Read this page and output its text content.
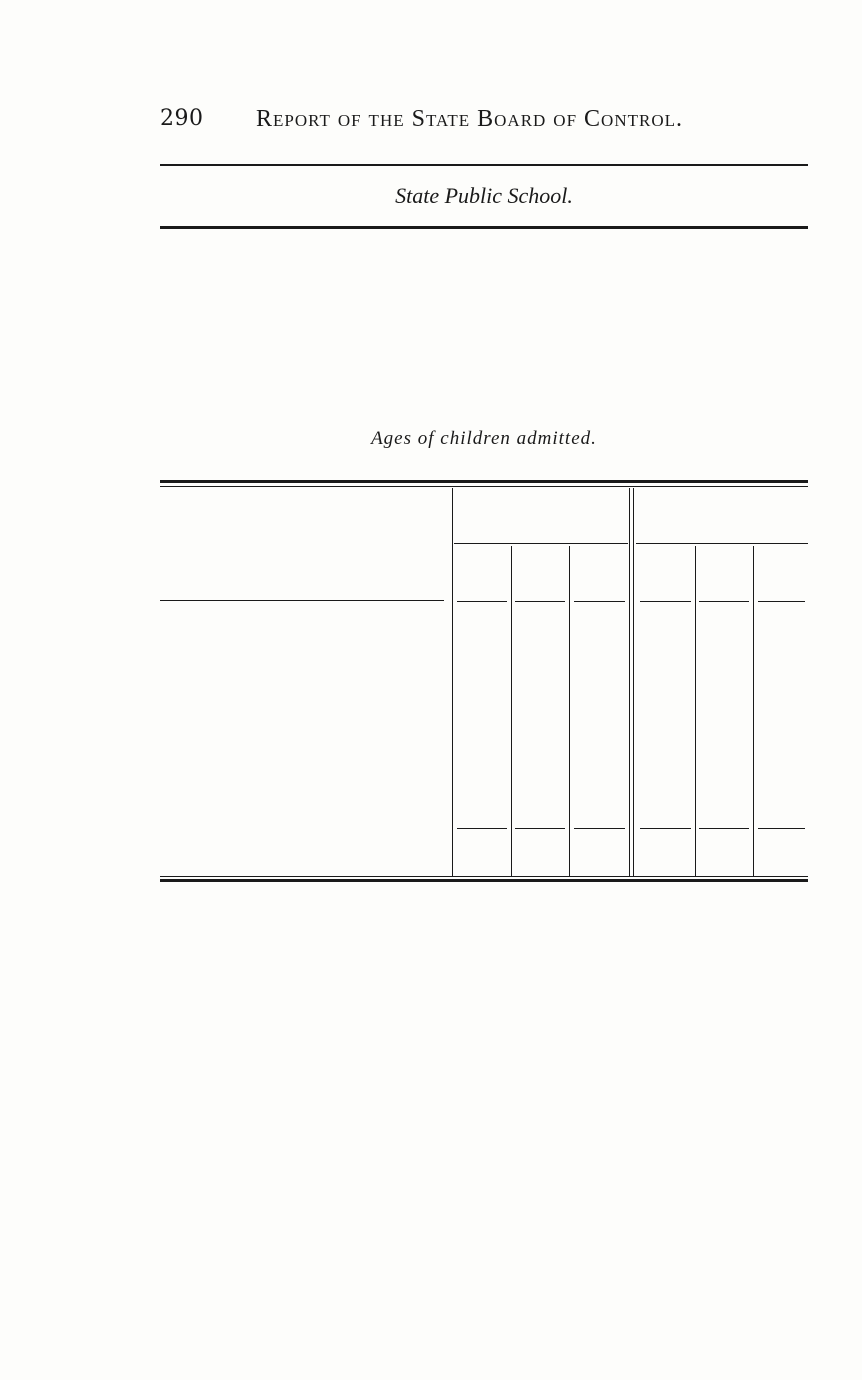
290 Report of the State Board of Control.
State Public School.
Ages of children admitted.
